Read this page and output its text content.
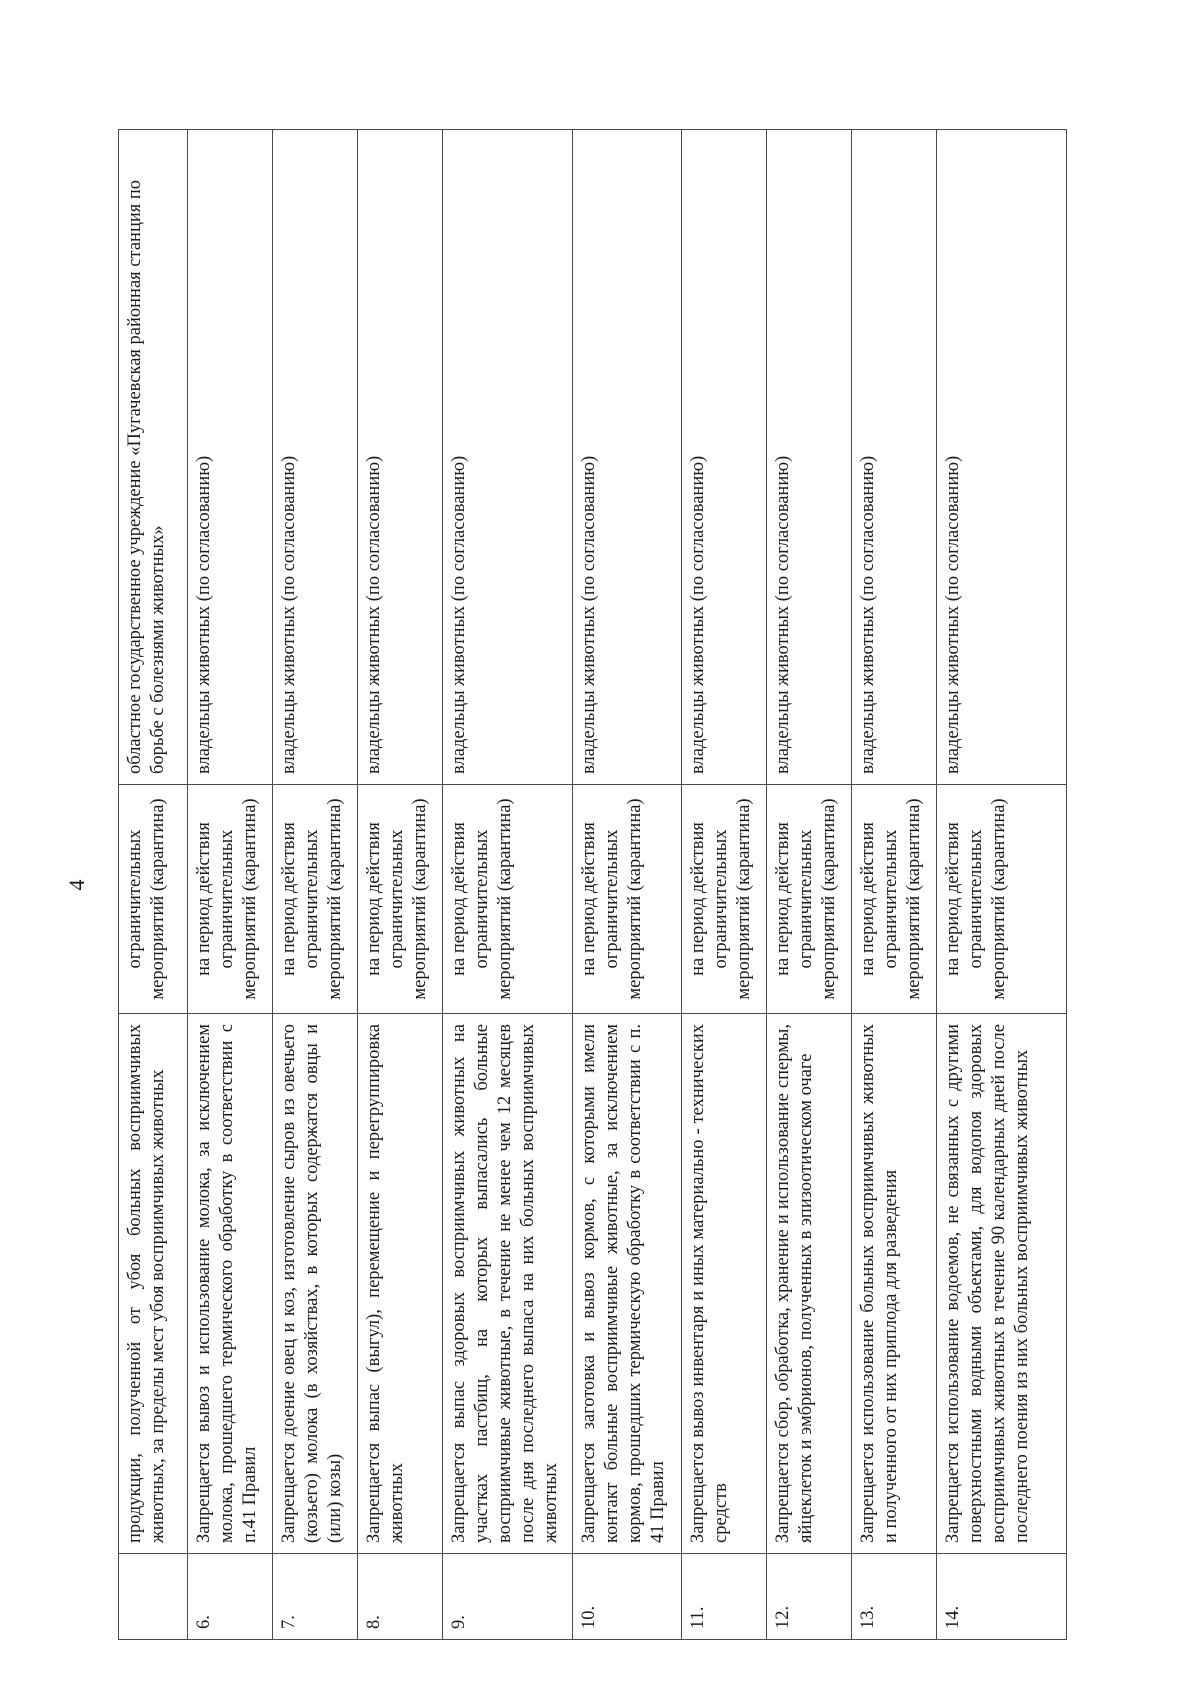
4
	продукции, полученной от убоя больных восприимчивых животных, за пределы мест убоя восприимчивых животных	ограничительных мероприятий (карантина)	областное государственное учреждение «Пугачевская районная станция по борьбе с болезнями животных»
6.	Запрещается вывоз и использование молока, за исключением молока, прошедшего термического обработку в соответствии с п.41 Правил	на период действия ограничительных мероприятий (карантина)	владельцы животных (по согласованию)
7.	Запрещается доение овец и коз, изготовление сыров из овечьего (козьего) молока (в хозяйствах, в которых содержатся овцы и (или) козы)	на период действия ограничительных мероприятий (карантина)	владельцы животных (по согласованию)
8.	Запрещается выпас (выгул), перемещение и перегруппировка животных	на период действия ограничительных мероприятий (карантина)	владельцы животных (по согласованию)
9.	Запрещается выпас здоровых восприимчивых животных на участках пастбищ, на которых выпасались больные восприимчивые животные, в течение не менее чем 12 месяцев после дня последнего выпаса на них больных восприимчивых животных	на период действия ограничительных мероприятий (карантина)	владельцы животных (по согласованию)
10.	Запрещается заготовка и вывоз кормов, с которыми имели контакт больные восприимчивые животные, за исключением кормов, прошедших термическую обработку в соответствии с п. 41 Правил	на период действия ограничительных мероприятий (карантина)	владельцы животных (по согласованию)
11.	Запрещается вывоз инвентаря и иных материально - технических средств	на период действия ограничительных мероприятий (карантина)	владельцы животных (по согласованию)
12.	Запрещается сбор, обработка, хранение и использование спермы, яйцеклеток и эмбрионов, полученных в эпизоотическом очаге	на период действия ограничительных мероприятий (карантина)	владельцы животных (по согласованию)
13.	Запрещается использование больных восприимчивых животных и полученного от них приплода для разведения	на период действия ограничительных мероприятий (карантина)	владельцы животных (по согласованию)
14.	Запрещается использование водоемов, не связанных с другими поверхностными водными объектами, для водопоя здоровых восприимчивых животных в течение 90 календарных дней после последнего поения из них больных восприимчивых животных	на период действия ограничительных мероприятий (карантина)	владельцы животных (по согласованию)
